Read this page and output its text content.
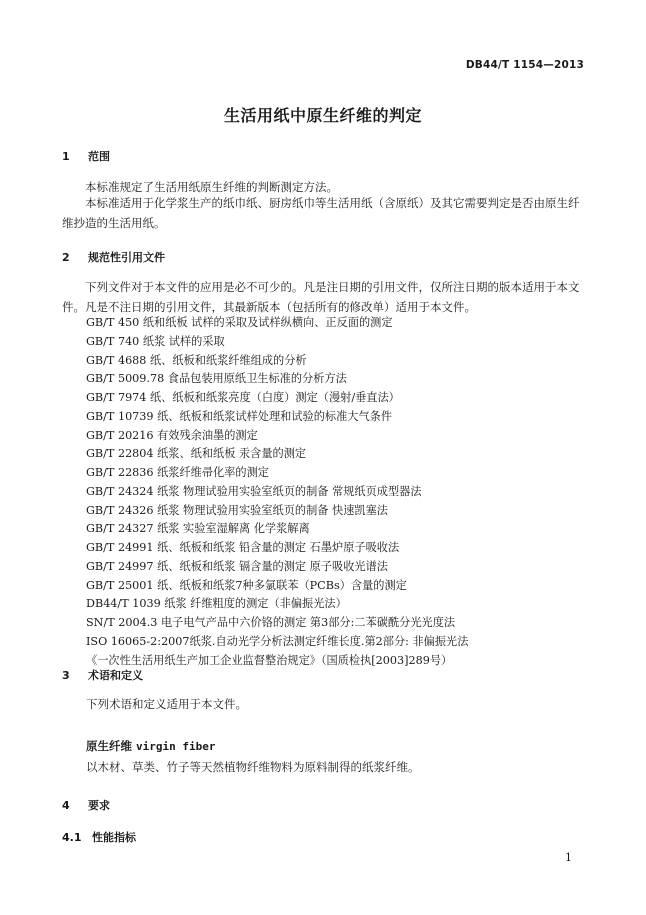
DB44/T 1154—2013
生活用纸中原生纤维的判定
1 范围
本标准规定了生活用纸原生纤维的判断测定方法。
本标准适用于化学浆生产的纸巾纸、厨房纸巾等生活用纸（含原纸）及其它需要判定是否由原生纤维抄造的生活用纸。
2 规范性引用文件
下列文件对于本文件的应用是必不可少的。凡是注日期的引用文件，仅所注日期的版本适用于本文件。凡是不注日期的引用文件，其最新版本（包括所有的修改单）适用于本文件。
GB/T 450 纸和纸板 试样的采取及试样纵横向、正反面的测定
GB/T 740 纸浆 试样的采取
GB/T 4688 纸、纸板和纸浆纤维组成的分析
GB/T 5009.78 食品包装用原纸卫生标准的分析方法
GB/T 7974 纸、纸板和纸浆亮度（白度）测定（漫射/垂直法）
GB/T 10739 纸、纸板和纸浆试样处理和试验的标准大气条件
GB/T 20216 有效残余油墨的测定
GB/T 22804 纸浆、纸和纸板 汞含量的测定
GB/T 22836 纸浆纤维帚化率的测定
GB/T 24324 纸浆 物理试验用实验室纸页的制备 常规纸页成型器法
GB/T 24326 纸浆 物理试验用实验室纸页的制备 快速凯塞法
GB/T 24327 纸浆 实验室湿解离 化学浆解离
GB/T 24991 纸、纸板和纸浆 铅含量的测定 石墨炉原子吸收法
GB/T 24997 纸、纸板和纸浆 镉含量的测定 原子吸收光谱法
GB/T 25001 纸、纸板和纸浆7种多氯联苯（PCBs）含量的测定
DB44/T 1039 纸浆 纤维粗度的测定（非偏振光法）
SN/T 2004.3 电子电气产品中六价铬的测定 第3部分:二苯碳酰分光光度法
ISO 16065-2:2007纸浆.自动光学分析法测定纤维长度.第2部分: 非偏振光法
《一次性生活用纸生产加工企业监督整治规定》（国质检执[2003]289号）
3 术语和定义
下列术语和定义适用于本文件。
原生纤维 virgin fiber
以木材、草类、竹子等天然植物纤维物料为原料制得的纸浆纤维。
4 要求
4.1 性能指标
1
